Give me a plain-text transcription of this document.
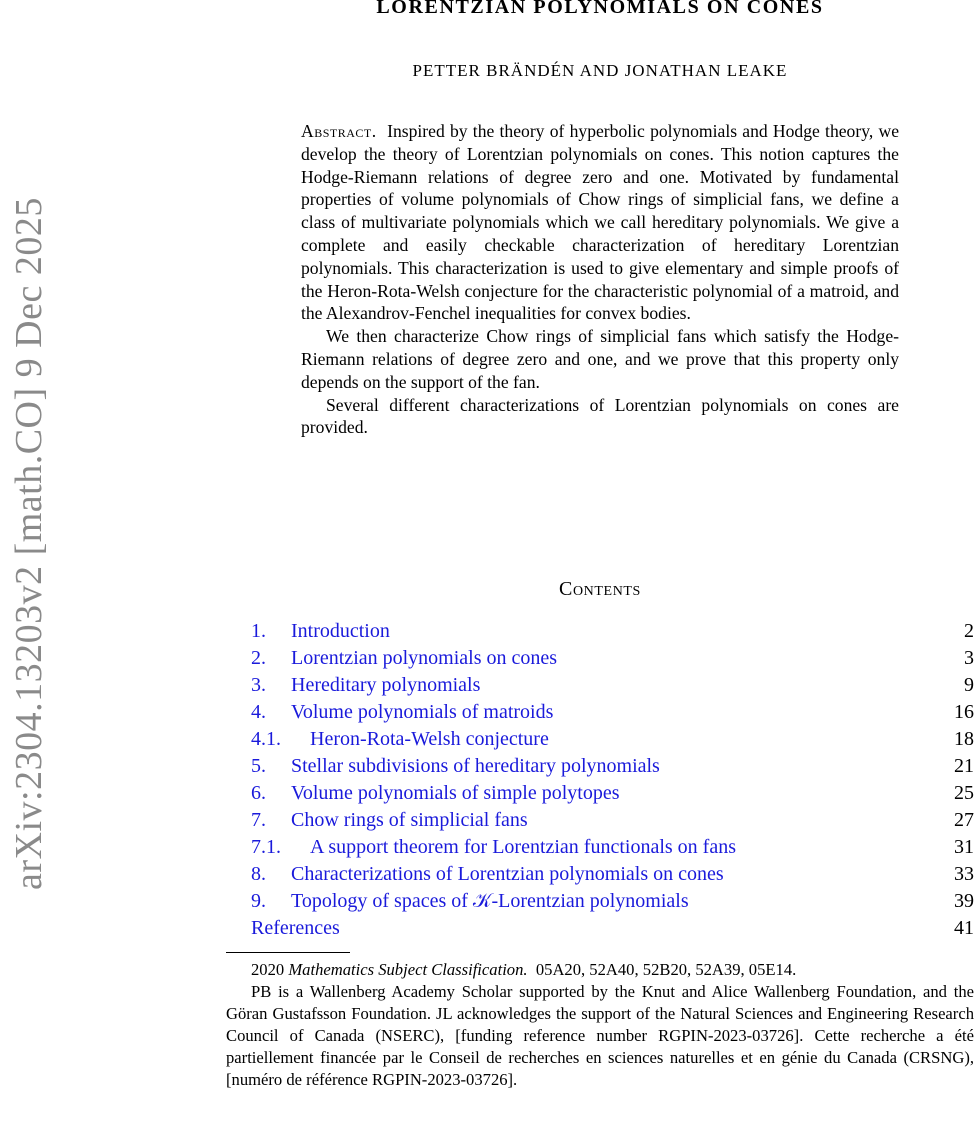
arXiv:2304.13203v2 [math.CO] 9 Dec 2025
LORENTZIAN POLYNOMIALS ON CONES
PETTER BRÄNDÉN AND JONATHAN LEAKE

Abstract. Inspired by the theory of hyperbolic polynomials and Hodge theory, we develop the theory of Lorentzian polynomials on cones. This notion captures the Hodge-Riemann relations of degree zero and one. Motivated by fundamental properties of volume polynomials of Chow rings of simplicial fans, we define a class of multivariate polynomials which we call hereditary polynomials. We give a complete and easily checkable characterization of hereditary Lorentzian polynomials. This characterization is used to give elementary and simple proofs of the Heron-Rota-Welsh conjecture for the characteristic polynomial of a matroid, and the Alexandrov-Fenchel inequalities for convex bodies.

We then characterize Chow rings of simplicial fans which satisfy the Hodge-Riemann relations of degree zero and one, and we prove that this property only depends on the support of the fan.

Several different characterizations of Lorentzian polynomials on cones are provided.

Contents
1. Introduction	2
2. Lorentzian polynomials on cones	3
3. Hereditary polynomials	9
4. Volume polynomials of matroids	16
4.1. Heron-Rota-Welsh conjecture	18
5. Stellar subdivisions of hereditary polynomials	21
6. Volume polynomials of simple polytopes	25
7. Chow rings of simplicial fans	27
7.1. A support theorem for Lorentzian functionals on fans	31
8. Characterizations of Lorentzian polynomials on cones	33
9. Topology of spaces of 𝒦-Lorentzian polynomials	39
References	41

2020 Mathematics Subject Classification. 05A20, 52A40, 52B20, 52A39, 05E14.

PB is a Wallenberg Academy Scholar supported by the Knut and Alice Wallenberg Foundation, and the Göran Gustafsson Foundation. JL acknowledges the support of the Natural Sciences and Engineering Research Council of Canada (NSERC), [funding reference number RGPIN-2023-03726]. Cette recherche a été partiellement financée par le Conseil de recherches en sciences naturelles et en génie du Canada (CRSNG), [numéro de référence RGPIN-2023-03726].
